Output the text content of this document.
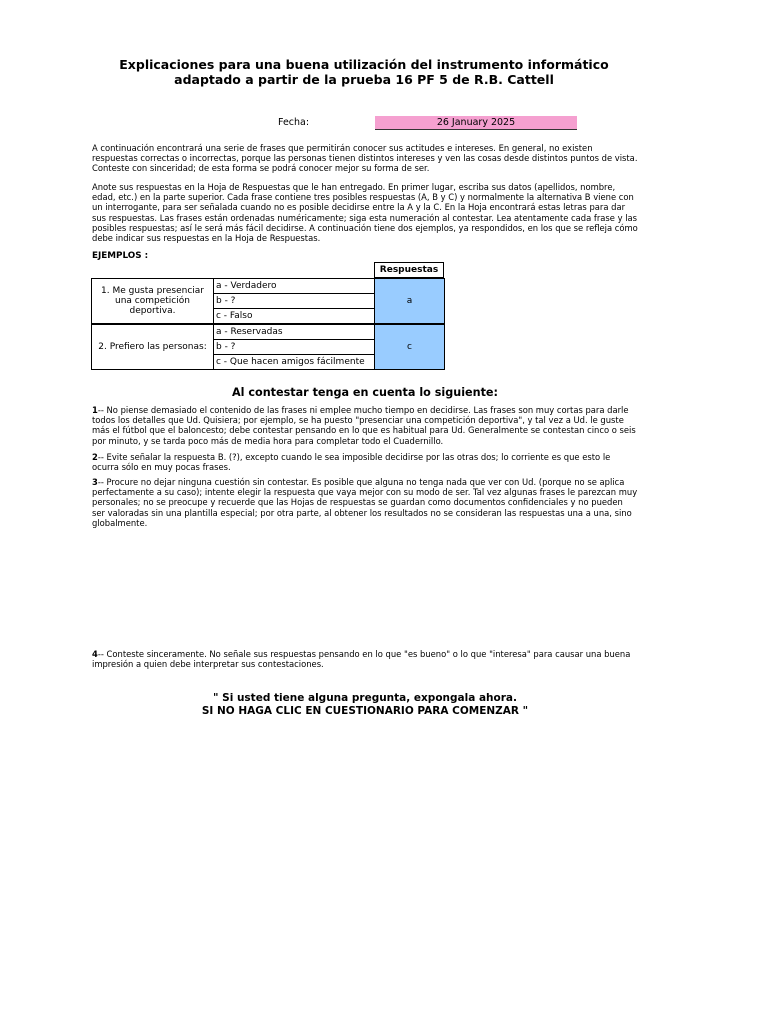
Explicaciones para una buena utilización del instrumento informático adaptado a partir de la prueba 16 PF 5 de R.B. Cattell
Fecha:	26 January 2025
A continuación encontrará una serie de frases que permitirán conocer sus actitudes e intereses. En general, no existen respuestas correctas o incorrectas, porque las personas tienen distintos intereses y ven las cosas desde distintos puntos de vista. Conteste con sinceridad; de esta forma se podrá conocer mejor su forma de ser.
Anote sus respuestas en la Hoja de Respuestas que le han entregado. En primer lugar, escriba sus datos (apellidos, nombre, edad, etc.) en la parte superior. Cada frase contiene tres posibles respuestas (A, B y C) y normalmente la alternativa B viene con un interrogante, para ser señalada cuando no es posible decidirse entre la A y la C. En la Hoja encontrará estas letras para dar sus respuestas. Las frases están ordenadas numéricamente; siga esta numeración al contestar. Lea atentamente cada frase y las posibles respuestas; así le será más fácil decidirse. A continuación tiene dos ejemplos, ya respondidos, en los que se refleja cómo debe indicar sus respuestas en la Hoja de Respuestas.
EJEMPLOS :
Respuestas
1. Me gusta presenciar una competición deportiva.	a - Verdadero	a
b - ?
c - Falso
2. Prefiero las personas:	a - Reservadas	c
b - ?
c - Que hacen amigos fácilmente
Al contestar tenga en cuenta lo siguiente:
1-- No piense demasiado el contenido de las frases ni emplee mucho tiempo en decidirse. Las frases son muy cortas para darle todos los detalles que Ud. Quisiera; por ejemplo, se ha puesto "presenciar una competición deportiva", y tal vez a Ud. le guste más el fútbol que el baloncesto; debe contestar pensando en lo que es habitual para Ud. Generalmente se contestan cinco o seis por minuto, y se tarda poco más de media hora para completar todo el Cuadernillo.
2-- Evite señalar la respuesta B. (?), excepto cuando le sea imposible decidirse por las otras dos; lo corriente es que esto le ocurra sólo en muy pocas frases.
3-- Procure no dejar ninguna cuestión sin contestar. Es posible que alguna no tenga nada que ver con Ud. (porque no se aplica perfectamente a su caso); intente elegir la respuesta que vaya mejor con su modo de ser. Tal vez algunas frases le parezcan muy personales; no se preocupe y recuerde que las Hojas de respuestas se guardan como documentos confidenciales y no pueden ser valoradas sin una plantilla especial; por otra parte, al obtener los resultados no se consideran las respuestas una a una, sino globalmente.
4-- Conteste sinceramente. No señale sus respuestas pensando en lo que "es bueno" o lo que "interesa" para causar una buena impresión a quien debe interpretar sus contestaciones.
" Si usted tiene alguna pregunta, expongala ahora.
SI NO HAGA CLIC EN CUESTIONARIO PARA COMENZAR "
